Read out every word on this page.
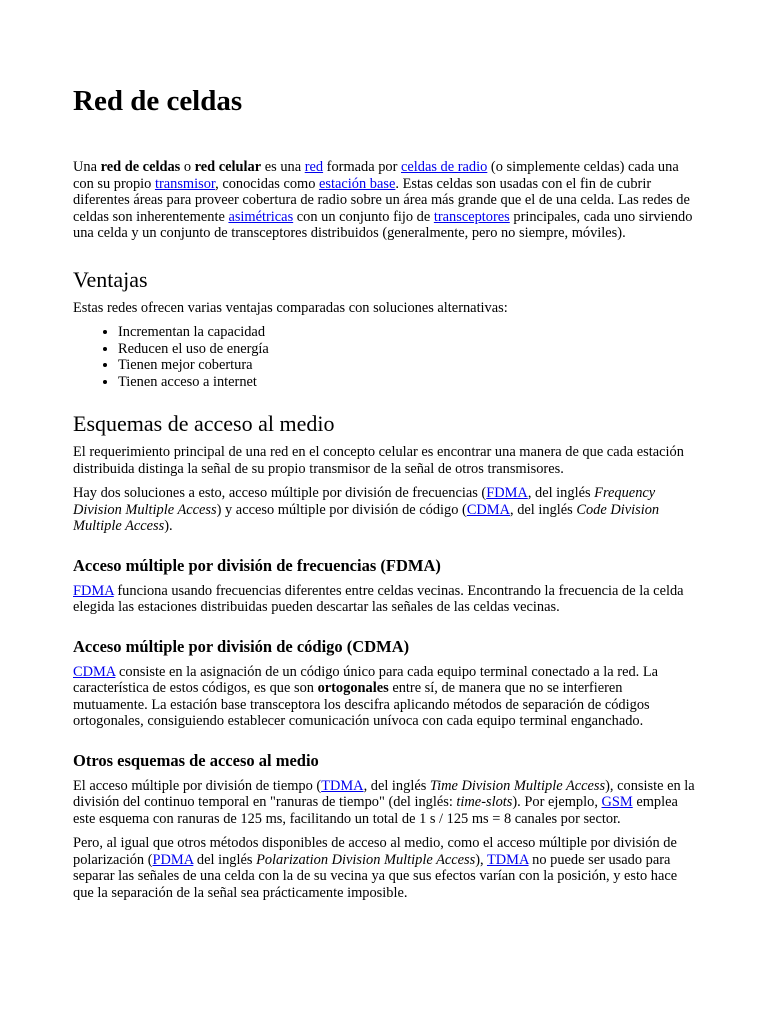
Red de celdas

Una red de celdas o red celular es una red formada por celdas de radio (o simplemente celdas) cada una con su propio transmisor, conocidas como estación base. Estas celdas son usadas con el fin de cubrir diferentes áreas para proveer cobertura de radio sobre un área más grande que el de una celda. Las redes de celdas son inherentemente asimétricas con un conjunto fijo de transceptores principales, cada uno sirviendo una celda y un conjunto de transceptores distribuidos (generalmente, pero no siempre, móviles).

Ventajas

Estas redes ofrecen varias ventajas comparadas con soluciones alternativas:

• Incrementan la capacidad
• Reducen el uso de energía
• Tienen mejor cobertura
• Tienen acceso a internet
Esquemas de acceso al medio

El requerimiento principal de una red en el concepto celular es encontrar una manera de que cada estación distribuida distinga la señal de su propio transmisor de la señal de otros transmisores.

Hay dos soluciones a esto, acceso múltiple por división de frecuencias (FDMA, del inglés Frequency Division Multiple Access) y acceso múltiple por división de código (CDMA, del inglés Code Division Multiple Access).

Acceso múltiple por división de frecuencias (FDMA)

FDMA funciona usando frecuencias diferentes entre celdas vecinas. Encontrando la frecuencia de la celda elegida las estaciones distribuidas pueden descartar las señales de las celdas vecinas.

Acceso múltiple por división de código (CDMA)

CDMA consiste en la asignación de un código único para cada equipo terminal conectado a la red. La característica de estos códigos, es que son ortogonales entre sí, de manera que no se interfieren mutuamente. La estación base transceptora los descifra aplicando métodos de separación de códigos ortogonales, consiguiendo establecer comunicación unívoca con cada equipo terminal enganchado.

Otros esquemas de acceso al medio

El acceso múltiple por división de tiempo (TDMA, del inglés Time Division Multiple Access), consiste en la división del continuo temporal en "ranuras de tiempo" (del inglés: time-slots). Por ejemplo, GSM emplea este esquema con ranuras de 125 ms, facilitando un total de 1 s / 125 ms = 8 canales por sector.

Pero, al igual que otros métodos disponibles de acceso al medio, como el acceso múltiple por división de polarización (PDMA del inglés Polarization Division Multiple Access), TDMA no puede ser usado para separar las señales de una celda con la de su vecina ya que sus efectos varían con la posición, y esto hace que la separación de la señal sea prácticamente imposible.
